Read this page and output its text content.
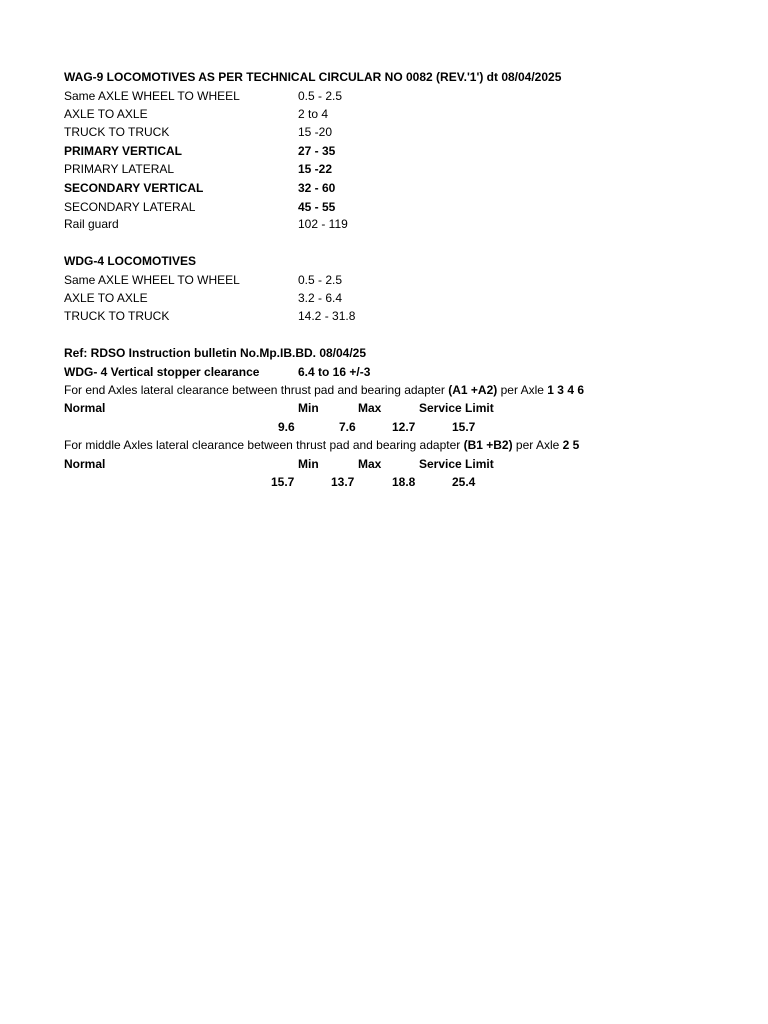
WAG-9 LOCOMOTIVES AS PER TECHNICAL CIRCULAR NO 0082 (REV.'1') dt 08/04/2025
Same AXLE WHEEL TO WHEEL	0.5 - 2.5
AXLE TO AXLE	2 to 4
TRUCK TO TRUCK	15 -20
PRIMARY VERTICAL	27 - 35
PRIMARY LATERAL	15 -22
SECONDARY VERTICAL	32 - 60
SECONDARY LATERAL	45 - 55
Rail guard	102 - 119
WDG-4 LOCOMOTIVES
Same AXLE WHEEL TO WHEEL	0.5 - 2.5
AXLE TO AXLE	3.2 - 6.4
TRUCK TO TRUCK	14.2 - 31.8
Ref: RDSO Instruction bulletin No.Mp.IB.BD. 08/04/25
WDG- 4 Vertical stopper clearance	6.4 to 16 +/-3
For end Axles lateral clearance between thrust pad and bearing adapter (A1 +A2) per Axle 1 3 4 6
Normal	Min	Max	Service Limit
9.6	7.6	12.7	15.7
For middle Axles lateral clearance between thrust pad and bearing adapter (B1 +B2) per Axle 2 5
Normal	Min	Max	Service Limit
15.7	13.7	18.8	25.4
